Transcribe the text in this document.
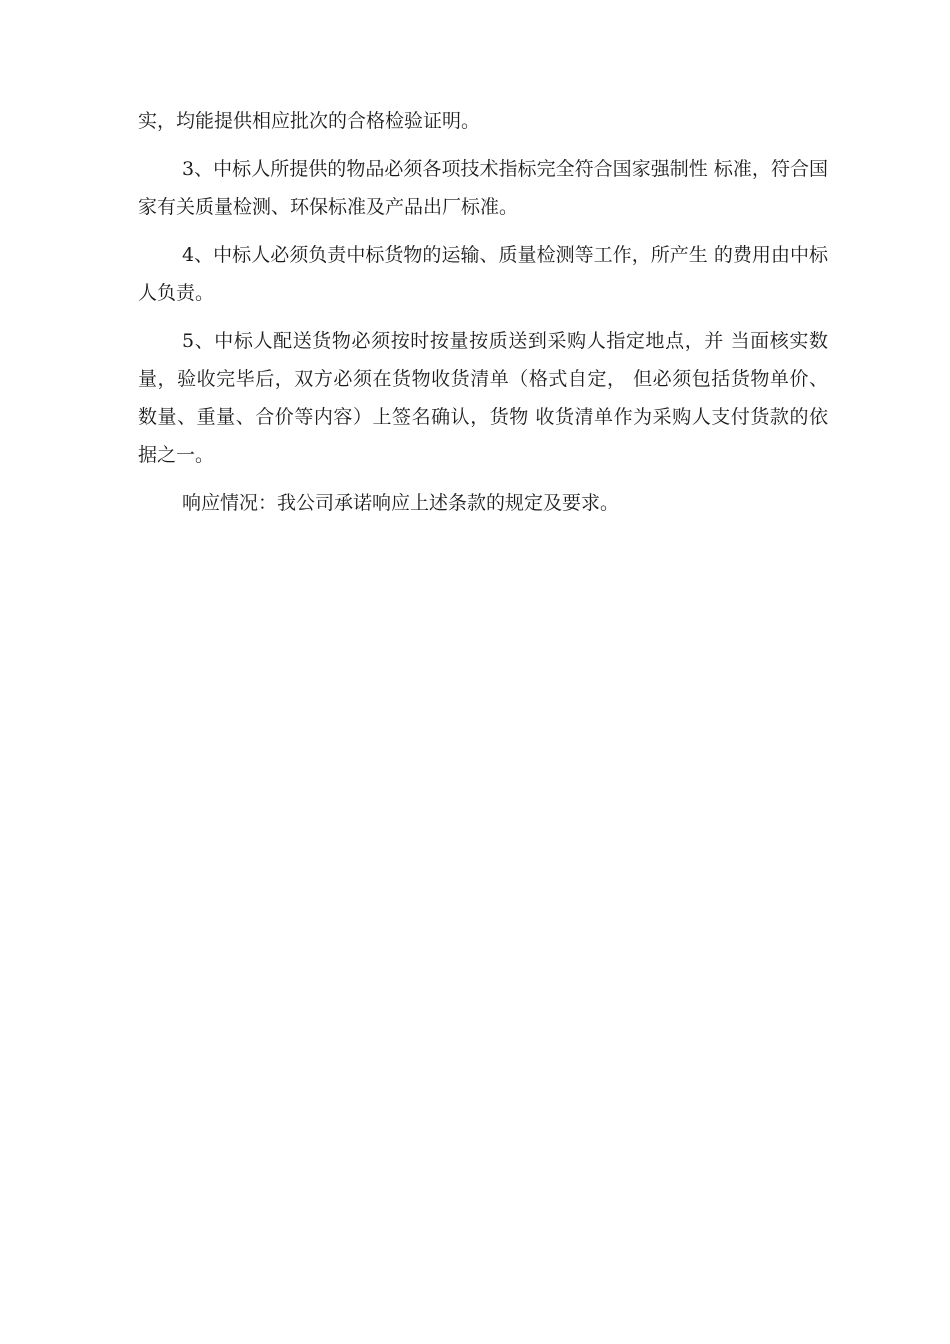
实，均能提供相应批次的合格检验证明。

3、中标人所提供的物品必须各项技术指标完全符合国家强制性 标准，符合国家有关质量检测、环保标准及产品出厂标准。

4、中标人必须负责中标货物的运输、质量检测等工作，所产生 的费用由中标人负责。

5、中标人配送货物必须按时按量按质送到采购人指定地点，并 当面核实数量，验收完毕后，双方必须在货物收货清单（格式自定， 但必须包括货物单价、数量、重量、合价等内容）上签名确认，货物 收货清单作为采购人支付货款的依据之一。

响应情况：我公司承诺响应上述条款的规定及要求。
